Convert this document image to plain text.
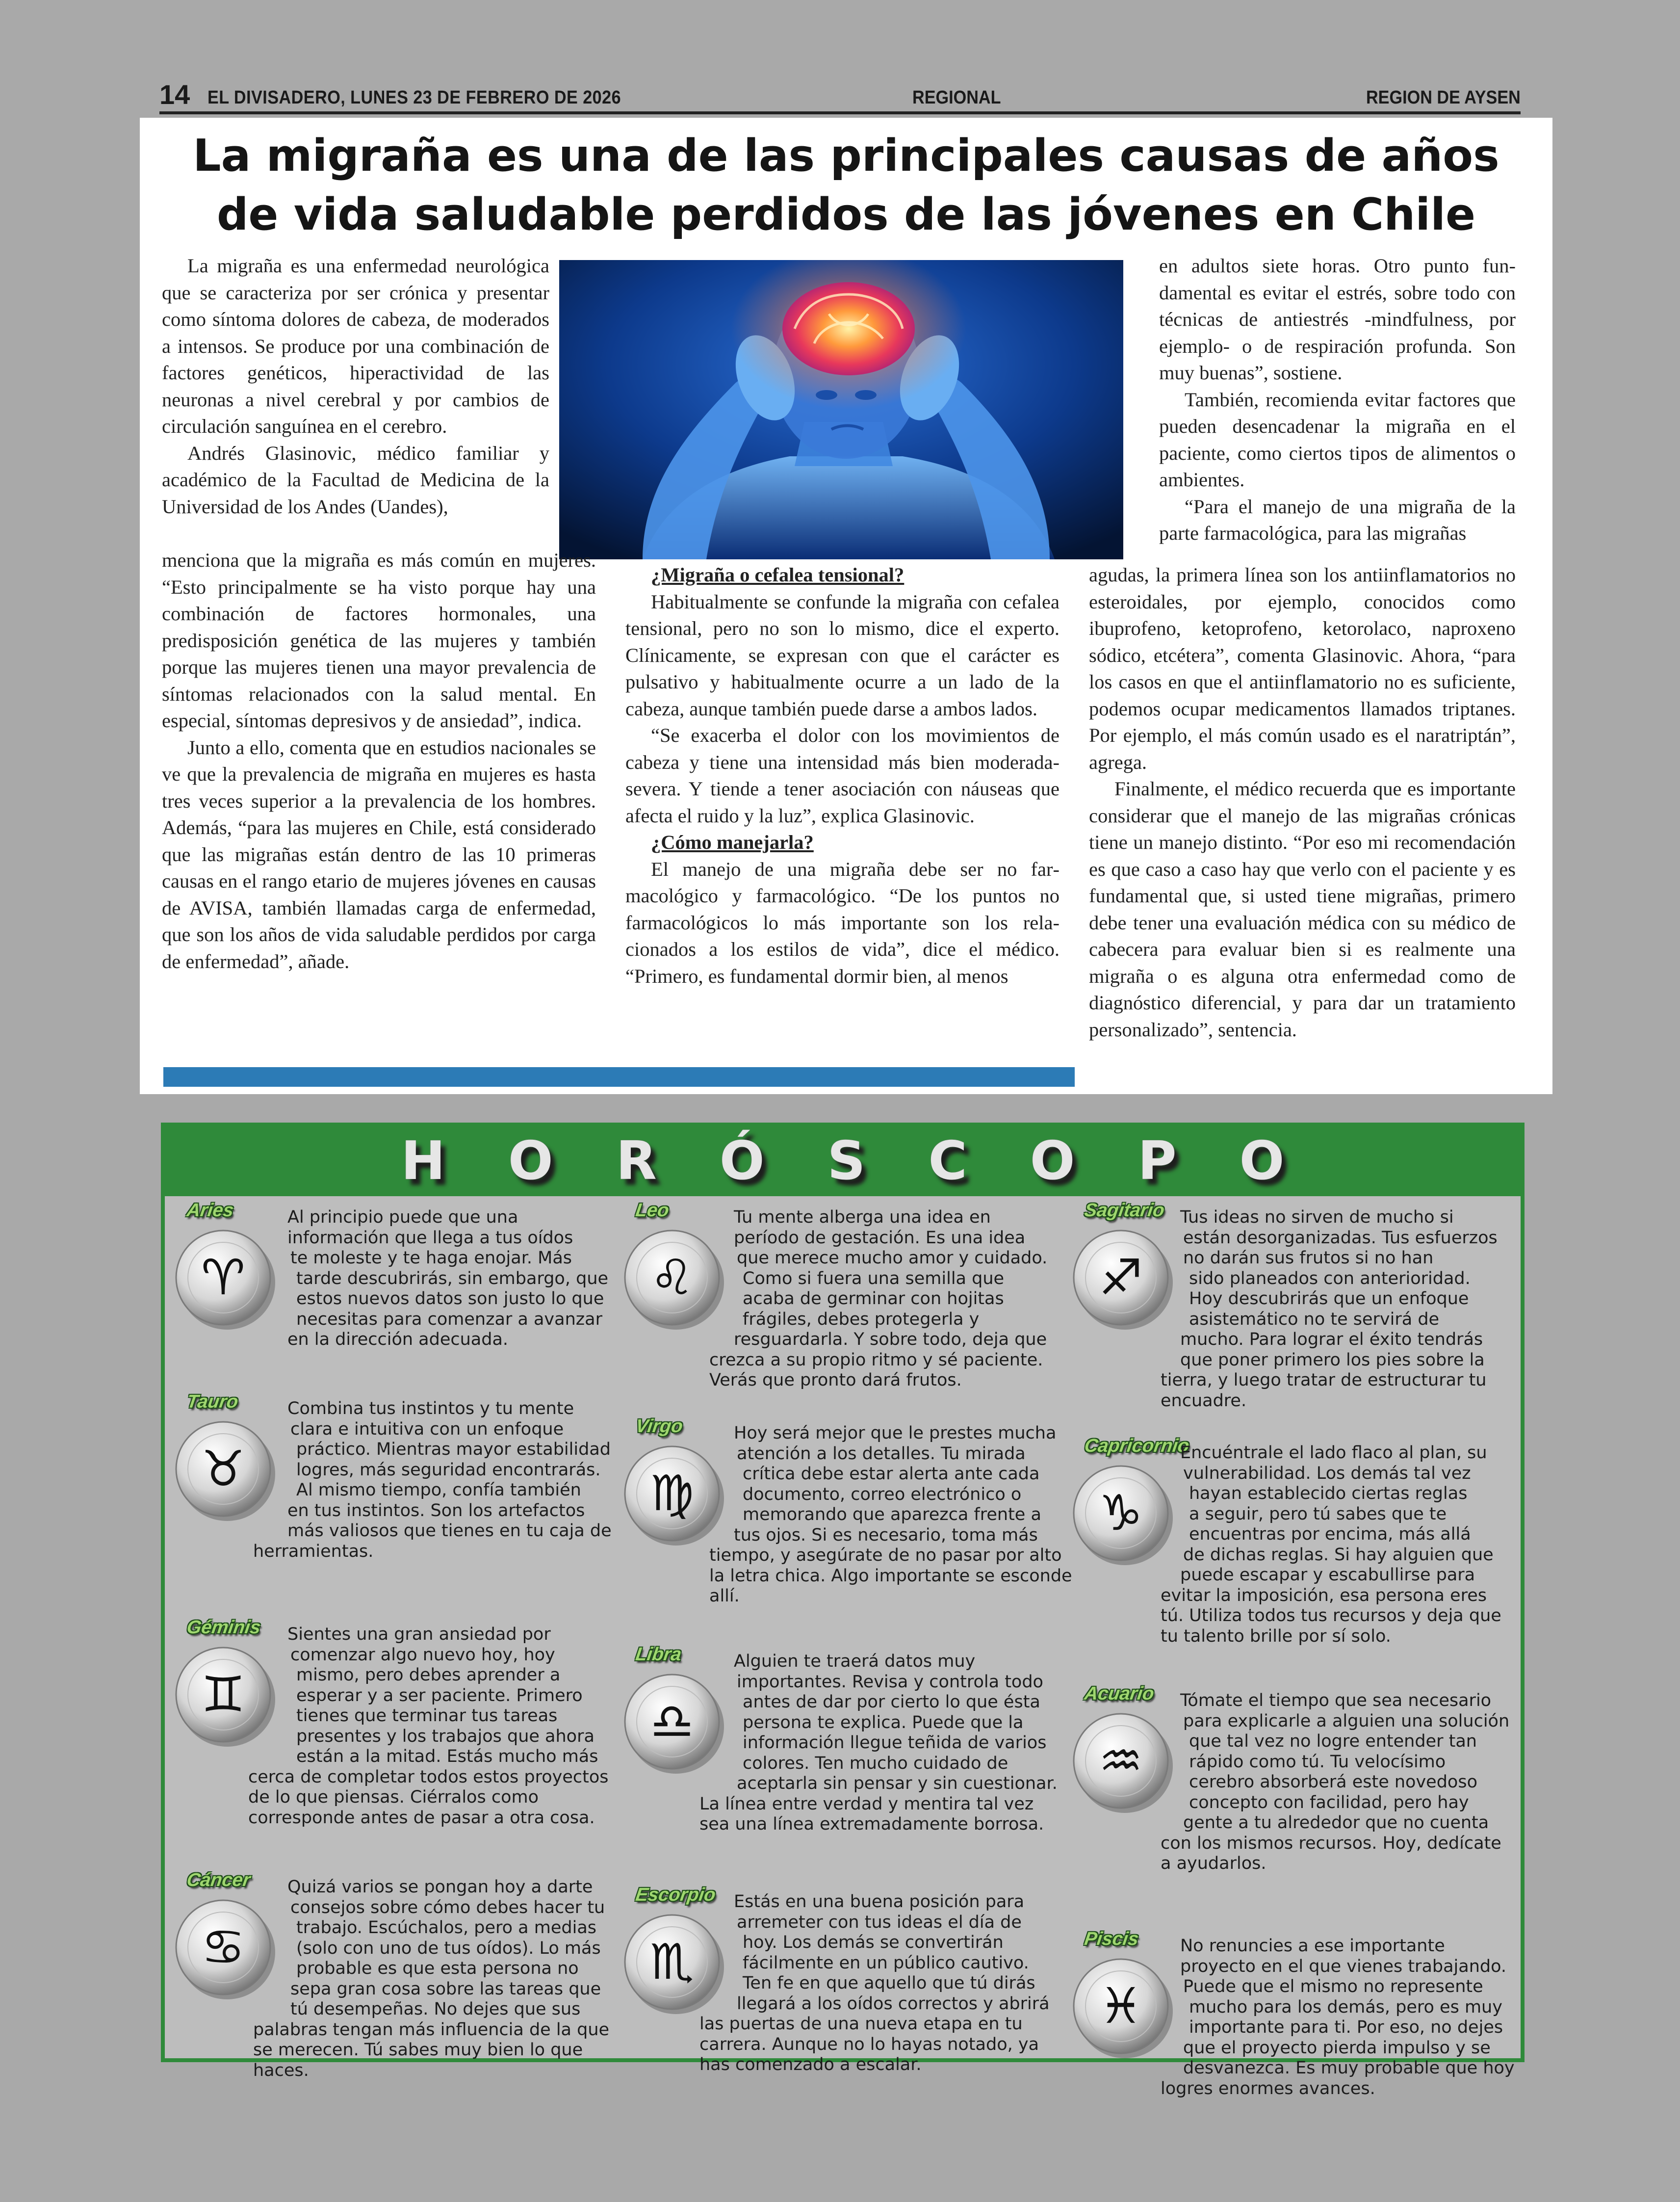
14 EL DIVISADERO, LUNES 23 DE FEBRERO DE 2026	REGIONAL	REGION DE AYSEN
La migraña es una de las principales causas de años de vida saludable perdidos de las jóvenes en Chile

La migraña es una enfermedad neurológica que se caracteriza por ser crónica y presentar como síntoma dolores de cabeza, de moderados a intensos. Se produce por una combinación de factores genéticos, hiperactividad de las neuronas a nivel cerebral y por cambios de circulación sanguínea en el cerebro.

Andrés Glasinovic, médico familiar y académico de la Facultad de Medicina de la Universidad de los Andes (Uandes),

menciona que la migraña es más común en mujeres. “Esto principalmente se ha visto porque hay una combinación de factores hormonales, una predisposición genética de las mujeres y también porque las mujeres tienen una mayor prevalencia de síntomas relacionados con la salud mental. En especial, síntomas depresivos y de ansiedad”, indica.

Junto a ello, comenta que en estudios nacionales se ve que la prevalencia de migraña en mujeres es hasta tres veces superior a la prevalencia de los hombres. Además, “para las mujeres en Chile, está considerado que las migrañas están dentro de las 10 primeras causas en el rango etario de mujeres jóvenes en causas de AVISA, también llamadas carga de enfermedad, que son los años de vida saludable perdidos por carga de enfermedad”, añade.

¿Migraña o cefalea tensional?

Habitualmente se confunde la migraña con cefalea tensional, pero no son lo mismo, dice el experto. Clínicamente, se expresan con que el carácter es pulsativo y habitualmente ocurre a un lado de la cabeza, aunque también puede darse a ambos lados.

“Se exacerba el dolor con los movimientos de cabeza y tiene una intensidad más bien moderada-severa. Y tiende a tener asociación con náuseas que afecta el ruido y la luz”, explica Glasinovic.

¿Cómo manejarla?

El manejo de una migraña debe ser no farmacológico y farmacológico. “De los puntos no farmacológicos lo más importante son los relacionados a los estilos de vida”, dice el médico. “Primero, es fundamental dormir bien, al menos

en adultos siete horas. Otro punto fundamental es evitar el estrés, sobre todo con técnicas de antiestrés -mindfulness, por ejemplo- o de respiración profunda. Son muy buenas”, sostiene.

También, recomienda evitar factores que pueden desencadenar la migraña en el paciente, como ciertos tipos de alimentos o ambientes.

“Para el manejo de una migraña de la parte farmacológica, para las migrañas

agudas, la primera línea son los antiinflamatorios no esteroidales, por ejemplo, conocidos como ibuprofeno, ketoprofeno, ketorolaco, naproxeno sódico, etcétera”, comenta Glasinovic. Ahora, “para los casos en que el antiinflamatorio no es suficiente, podemos ocupar medicamentos llamados triptanes. Por ejemplo, el más común usado es el naratriptán”, agrega.

Finalmente, el médico recuerda que es importante considerar que el manejo de las migrañas crónicas tiene un manejo distinto. “Por eso mi recomendación es que caso a caso hay que verlo con el paciente y es fundamental que, si usted tiene migrañas, primero debe tener una evaluación médica con su médico de cabecera para evaluar bien si es realmente una migraña o es alguna otra enfermedad como de diagnóstico diferencial, y para dar un tratamiento personalizado”, sentencia.

HORÓSCOPO
Aries
♈
Al principio puede que una
información que llega a tus oídos
te moleste y te haga enojar. Más
tarde descubrirás, sin embargo, que
estos nuevos datos son justo lo que
necesitas para comenzar a avanzar
en la dirección adecuada.
Tauro
♉
Combina tus instintos y tu mente
clara e intuitiva con un enfoque
práctico. Mientras mayor estabilidad
logres, más seguridad encontrarás.
Al mismo tiempo, confía también
en tus instintos. Son los artefactos
más valiosos que tienes en tu caja de
herramientas.
Géminis
♊
Sientes una gran ansiedad por
comenzar algo nuevo hoy, hoy
mismo, pero debes aprender a
esperar y a ser paciente. Primero
tienes que terminar tus tareas
presentes y los trabajos que ahora
están a la mitad. Estás mucho más
cerca de completar todos estos proyectos
de lo que piensas. Ciérralos como
corresponde antes de pasar a otra cosa.
Cáncer
♋
Quizá varios se pongan hoy a darte
consejos sobre cómo debes hacer tu
trabajo. Escúchalos, pero a medias
(solo con uno de tus oídos). Lo más
probable es que esta persona no
sepa gran cosa sobre las tareas que
tú desempeñas. No dejes que sus
palabras tengan más influencia de la que
se merecen. Tú sabes muy bien lo que
haces.
Leo
♌
Tu mente alberga una idea en
período de gestación. Es una idea
que merece mucho amor y cuidado.
Como si fuera una semilla que
acaba de germinar con hojitas
frágiles, debes protegerla y
resguardarla. Y sobre todo, deja que
crezca a su propio ritmo y sé paciente.
Verás que pronto dará frutos.
Virgo
♍
Hoy será mejor que le prestes mucha
atención a los detalles. Tu mirada
crítica debe estar alerta ante cada
documento, correo electrónico o
memorando que aparezca frente a
tus ojos. Si es necesario, toma más
tiempo, y asegúrate de no pasar por alto
la letra chica. Algo importante se esconde
allí.
Libra
♎
Alguien te traerá datos muy
importantes. Revisa y controla todo
antes de dar por cierto lo que ésta
persona te explica. Puede que la
información llegue teñida de varios
colores. Ten mucho cuidado de
aceptarla sin pensar y sin cuestionar.
La línea entre verdad y mentira tal vez
sea una línea extremadamente borrosa.
Escorpio
♏
Estás en una buena posición para
arremeter con tus ideas el día de
hoy. Los demás se convertirán
fácilmente en un público cautivo.
Ten fe en que aquello que tú dirás
llegará a los oídos correctos y abrirá
las puertas de una nueva etapa en tu
carrera. Aunque no lo hayas notado, ya
has comenzado a escalar.
Sagitario
♐
Tus ideas no sirven de mucho si
están desorganizadas. Tus esfuerzos
no darán sus frutos si no han
sido planeados con anterioridad.
Hoy descubrirás que un enfoque
asistemático no te servirá de
mucho. Para lograr el éxito tendrás
que poner primero los pies sobre la
tierra, y luego tratar de estructurar tu
encuadre.
Capricornio
♑
Encuéntrale el lado flaco al plan, su
vulnerabilidad. Los demás tal vez
hayan establecido ciertas reglas
a seguir, pero tú sabes que te
encuentras por encima, más allá
de dichas reglas. Si hay alguien que
puede escapar y escabullirse para
evitar la imposición, esa persona eres
tú. Utiliza todos tus recursos y deja que
tu talento brille por sí solo.
Acuario
♒
Tómate el tiempo que sea necesario
para explicarle a alguien una solución
que tal vez no logre entender tan
rápido como tú. Tu velocísimo
cerebro absorberá este novedoso
concepto con facilidad, pero hay
gente a tu alrededor que no cuenta
con los mismos recursos. Hoy, dedícate
a ayudarlos.
Piscis
♓
No renuncies a ese importante
proyecto en el que vienes trabajando.
Puede que el mismo no represente
mucho para los demás, pero es muy
importante para ti. Por eso, no dejes
que el proyecto pierda impulso y se
desvanezca. Es muy probable que hoy
logres enormes avances.
